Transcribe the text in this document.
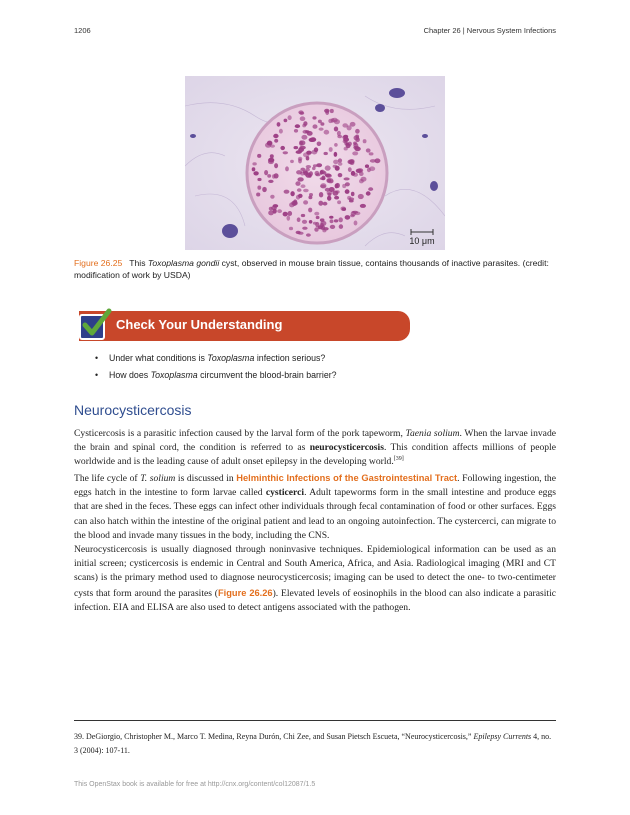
1206	Chapter 26 | Nervous System Infections
10 μm
Figure 26.25 This Toxoplasma gondii cyst, observed in mouse brain tissue, contains thousands of inactive parasites. (credit: modification of work by USDA)
Check Your Understanding
• Under what conditions is Toxoplasma infection serious?
• How does Toxoplasma circumvent the blood-brain barrier?
Neurocysticercosis

Cysticercosis is a parasitic infection caused by the larval form of the pork tapeworm, Taenia solium. When the larvae invade the brain and spinal cord, the condition is referred to as neurocysticercosis. This condition affects millions of people worldwide and is the leading cause of adult onset epilepsy in the developing world.[39]

The life cycle of T. solium is discussed in Helminthic Infections of the Gastrointestinal Tract. Following ingestion, the eggs hatch in the intestine to form larvae called cysticerci. Adult tapeworms form in the small intestine and produce eggs that are shed in the feces. These eggs can infect other individuals through fecal contamination of food or other surfaces. Eggs can also hatch within the intestine of the original patient and lead to an ongoing autoinfection. The cystercerci, can migrate to the blood and invade many tissues in the body, including the CNS.

Neurocysticercosis is usually diagnosed through noninvasive techniques. Epidemiological information can be used as an initial screen; cysticercosis is endemic in Central and South America, Africa, and Asia. Radiological imaging (MRI and CT scans) is the primary method used to diagnose neurocysticercosis; imaging can be used to detect the one- to two-centimeter cysts that form around the parasites (Figure 26.26). Elevated levels of eosinophils in the blood can also indicate a parasitic infection. EIA and ELISA are also used to detect antigens associated with the pathogen.

39. DeGiorgio, Christopher M., Marco T. Medina, Reyna Durón, Chi Zee, and Susan Pietsch Escueta, “Neurocysticercosis,” Epilepsy Currents 4, no. 3 (2004): 107-11.
This OpenStax book is available for free at http://cnx.org/content/col12087/1.5
